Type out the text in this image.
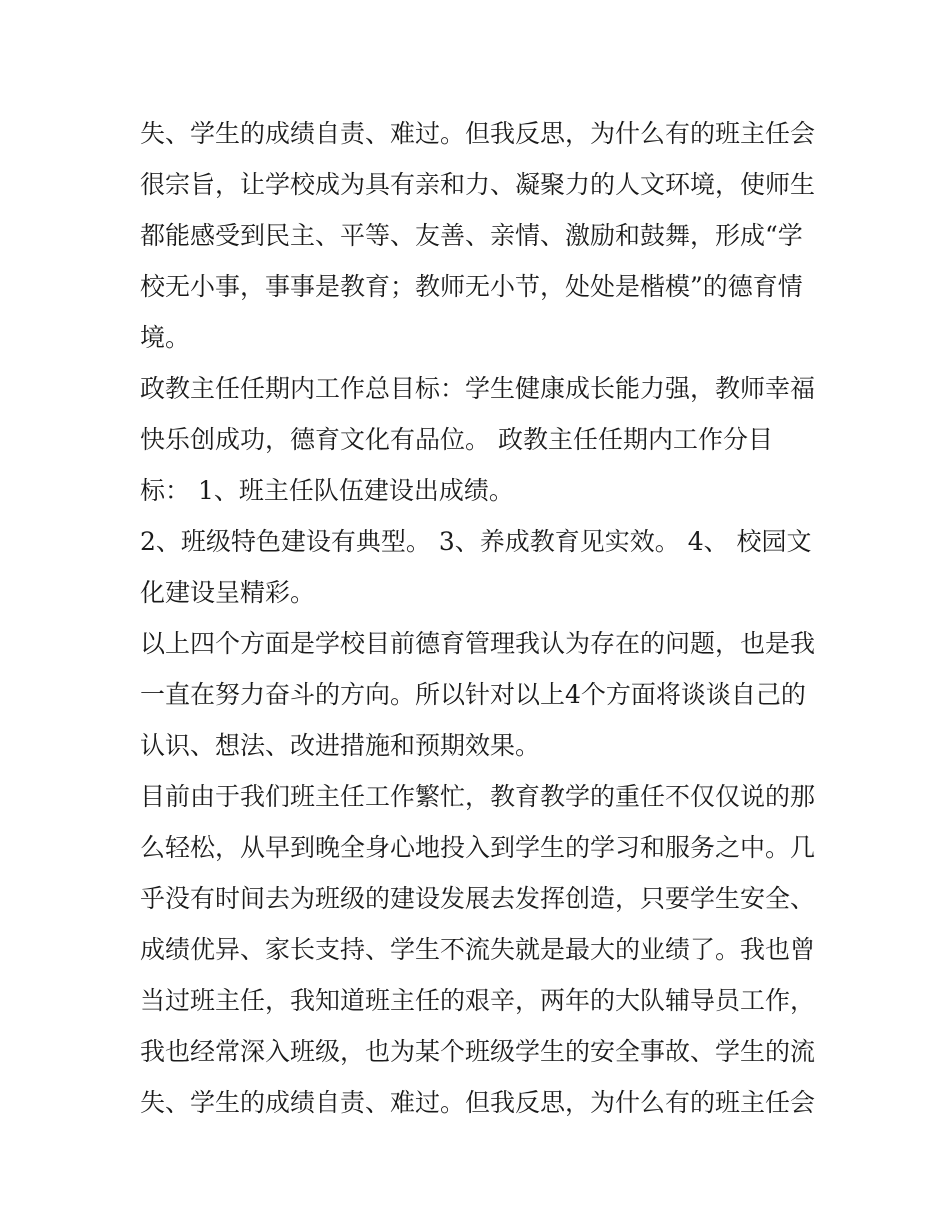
失、学生的成绩自责、难过。但我反思，为什么有的班主任会
很宗旨，让学校成为具有亲和力、凝聚力的人文环境，使师生
都能感受到民主、平等、友善、亲情、激励和鼓舞，形成“学
校无小事，事事是教育；教师无小节，处处是楷模”的德育情
境。
政教主任任期内工作总目标：学生健康成长能力强，教师幸福
快乐创成功，德育文化有品位。 政教主任任期内工作分目
标： 1、班主任队伍建设出成绩。
2、班级特色建设有典型。 3、养成教育见实效。 4、 校园文
化建设呈精彩。
以上四个方面是学校目前德育管理我认为存在的问题，也是我
一直在努力奋斗的方向。所以针对以上4个方面将谈谈自己的
认识、想法、改进措施和预期效果。
目前由于我们班主任工作繁忙，教育教学的重任不仅仅说的那
么轻松，从早到晚全身心地投入到学生的学习和服务之中。几
乎没有时间去为班级的建设发展去发挥创造，只要学生安全、
成绩优异、家长支持、学生不流失就是最大的业绩了。我也曾
当过班主任，我知道班主任的艰辛，两年的大队辅导员工作，
我也经常深入班级，也为某个班级学生的安全事故、学生的流
失、学生的成绩自责、难过。但我反思，为什么有的班主任会
